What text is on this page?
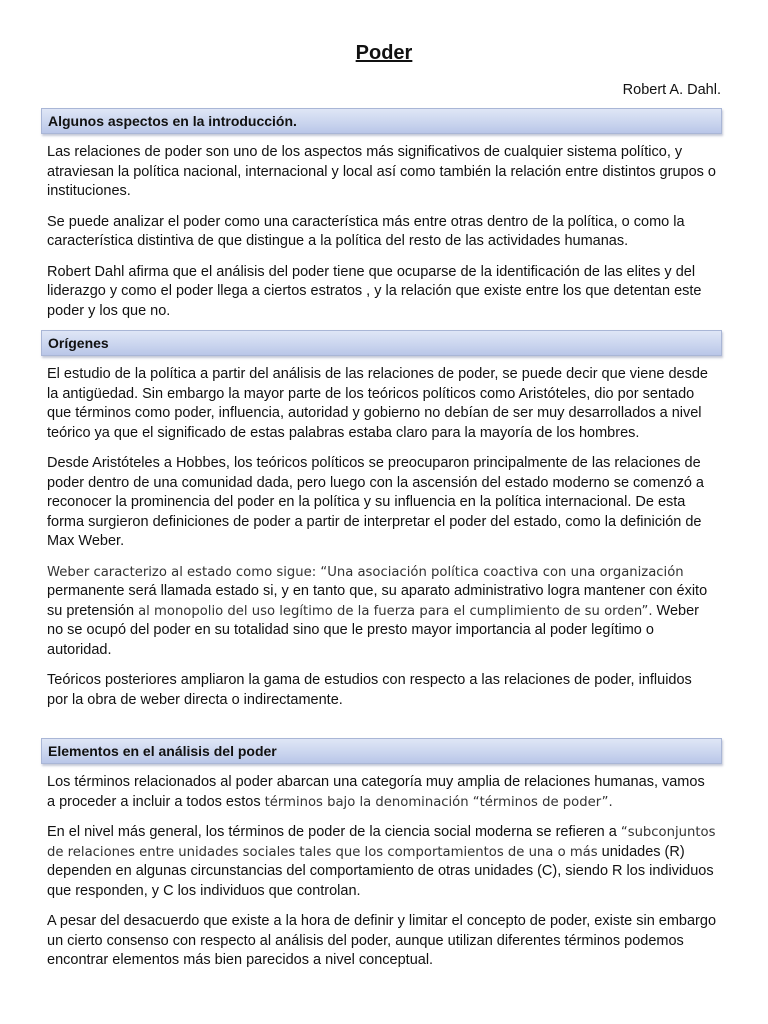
Poder
Robert A. Dahl.
Algunos aspectos en la introducción.

Las relaciones de poder son uno de los aspectos más significativos de cualquier sistema político, y atraviesan la política nacional, internacional y local así como también la relación entre distintos grupos o instituciones.

Se puede analizar el poder como una característica más entre otras dentro de la política, o como la característica distintiva de que distingue a la política del resto de las actividades humanas.

Robert Dahl afirma que el análisis del poder tiene que ocuparse de la identificación de las elites y del liderazgo y como el poder llega a ciertos estratos , y la relación que existe entre los que detentan este poder y los que no.

Orígenes

El estudio de la política a partir del análisis de las relaciones de poder, se puede decir que viene desde la antigüedad. Sin embargo la mayor parte de los teóricos políticos como Aristóteles, dio por sentado que términos como poder, influencia, autoridad y gobierno no debían de ser muy desarrollados a nivel teórico ya que el significado de estas palabras estaba claro para la mayoría de los hombres.

Desde Aristóteles a Hobbes, los teóricos políticos se preocuparon principalmente de las relaciones de poder dentro de una comunidad dada, pero luego con la ascensión del estado moderno se comenzó a reconocer la prominencia del poder en la política y su influencia en la política internacional. De esta forma surgieron definiciones de poder a partir de interpretar el poder del estado, como la definición de Max Weber.

Weber caracterizo al estado como sigue: “Una asociación política coactiva con una organización permanente será llamada estado si, y en tanto que, su aparato administrativo logra mantener con éxito su pretensión al monopolio del uso legítimo de la fuerza para el cumplimiento de su orden”. Weber no se ocupó del poder en su totalidad sino que le presto mayor importancia al poder legítimo o autoridad.

Teóricos posteriores ampliaron la gama de estudios con respecto a las relaciones de poder, influidos por la obra de weber directa o indirectamente.

Elementos en el análisis del poder

Los términos relacionados al poder abarcan una categoría muy amplia de relaciones humanas, vamos a proceder a incluir a todos estos términos bajo la denominación “términos de poder”.

En el nivel más general, los términos de poder de la ciencia social moderna se refieren a “subconjuntos de relaciones entre unidades sociales tales que los comportamientos de una o más unidades (R) dependen en algunas circunstancias del comportamiento de otras unidades (C), siendo R los individuos que responden, y C los individuos que controlan.

A pesar del desacuerdo que existe a la hora de definir y limitar el concepto de poder, existe sin embargo un cierto consenso con respecto al análisis del poder, aunque utilizan diferentes términos podemos encontrar elementos más bien parecidos a nivel conceptual.
